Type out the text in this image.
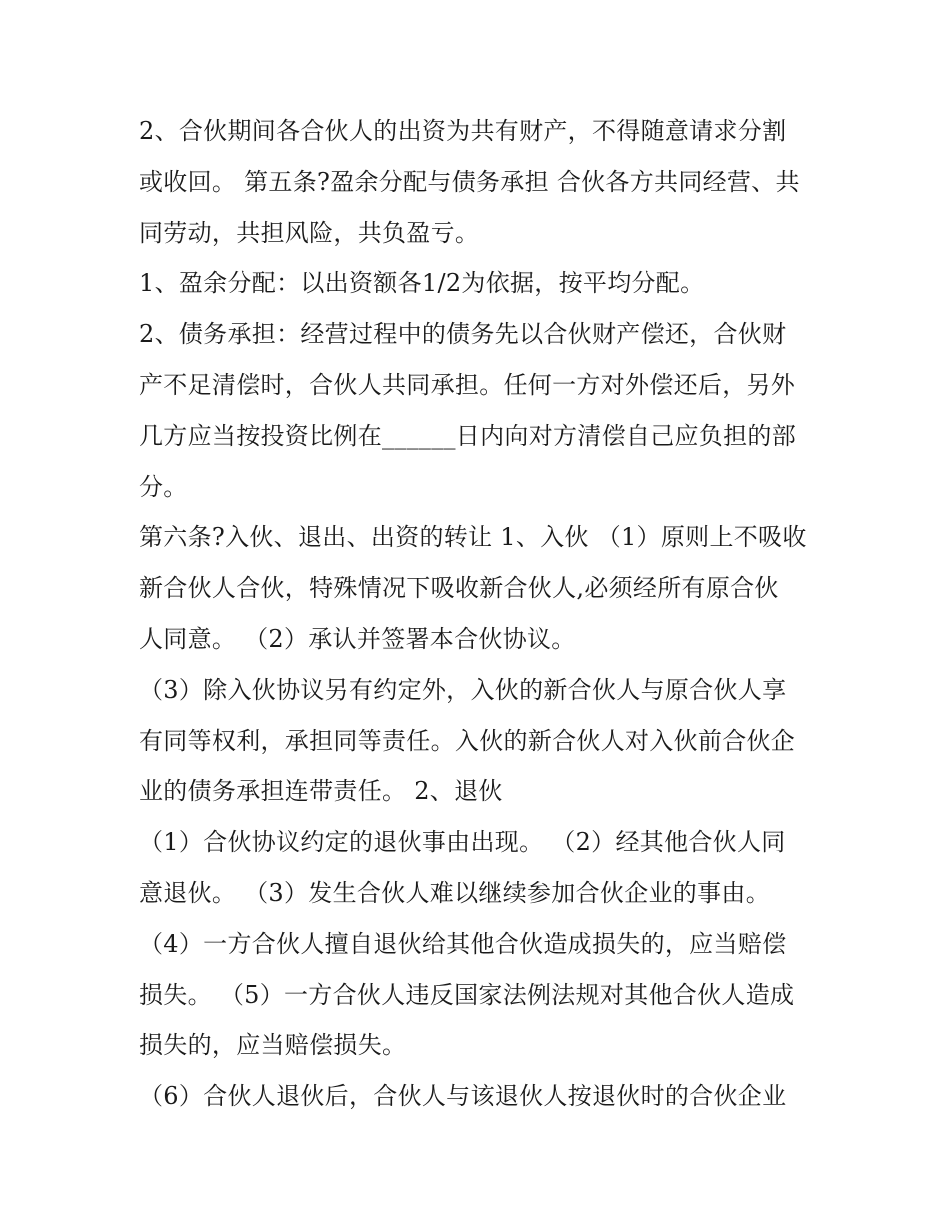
2、合伙期间各合伙人的出资为共有财产，不得随意请求分割
或收回。 第五条?盈余分配与债务承担 合伙各方共同经营、共
同劳动，共担风险，共负盈亏。
1、盈余分配：以出资额各1/2为依据，按平均分配。
2、债务承担：经营过程中的债务先以合伙财产偿还，合伙财
产不足清偿时，合伙人共同承担。任何一方对外偿还后，另外
几方应当按投资比例在______日内向对方清偿自己应负担的部
分。
第六条?入伙、退出、出资的转让 1、入伙 （1）原则上不吸收
新合伙人合伙，特殊情况下吸收新合伙人,必须经所有原合伙
人同意。 （2）承认并签署本合伙协议。
（3）除入伙协议另有约定外，入伙的新合伙人与原合伙人享
有同等权利，承担同等责任。入伙的新合伙人对入伙前合伙企
业的债务承担连带责任。 2、退伙
（1）合伙协议约定的退伙事由出现。 （2）经其他合伙人同
意退伙。 （3）发生合伙人难以继续参加合伙企业的事由。
（4）一方合伙人擅自退伙给其他合伙造成损失的，应当赔偿
损失。 （5）一方合伙人违反国家法例法规对其他合伙人造成
损失的，应当赔偿损失。
（6）合伙人退伙后，合伙人与该退伙人按退伙时的合伙企业
